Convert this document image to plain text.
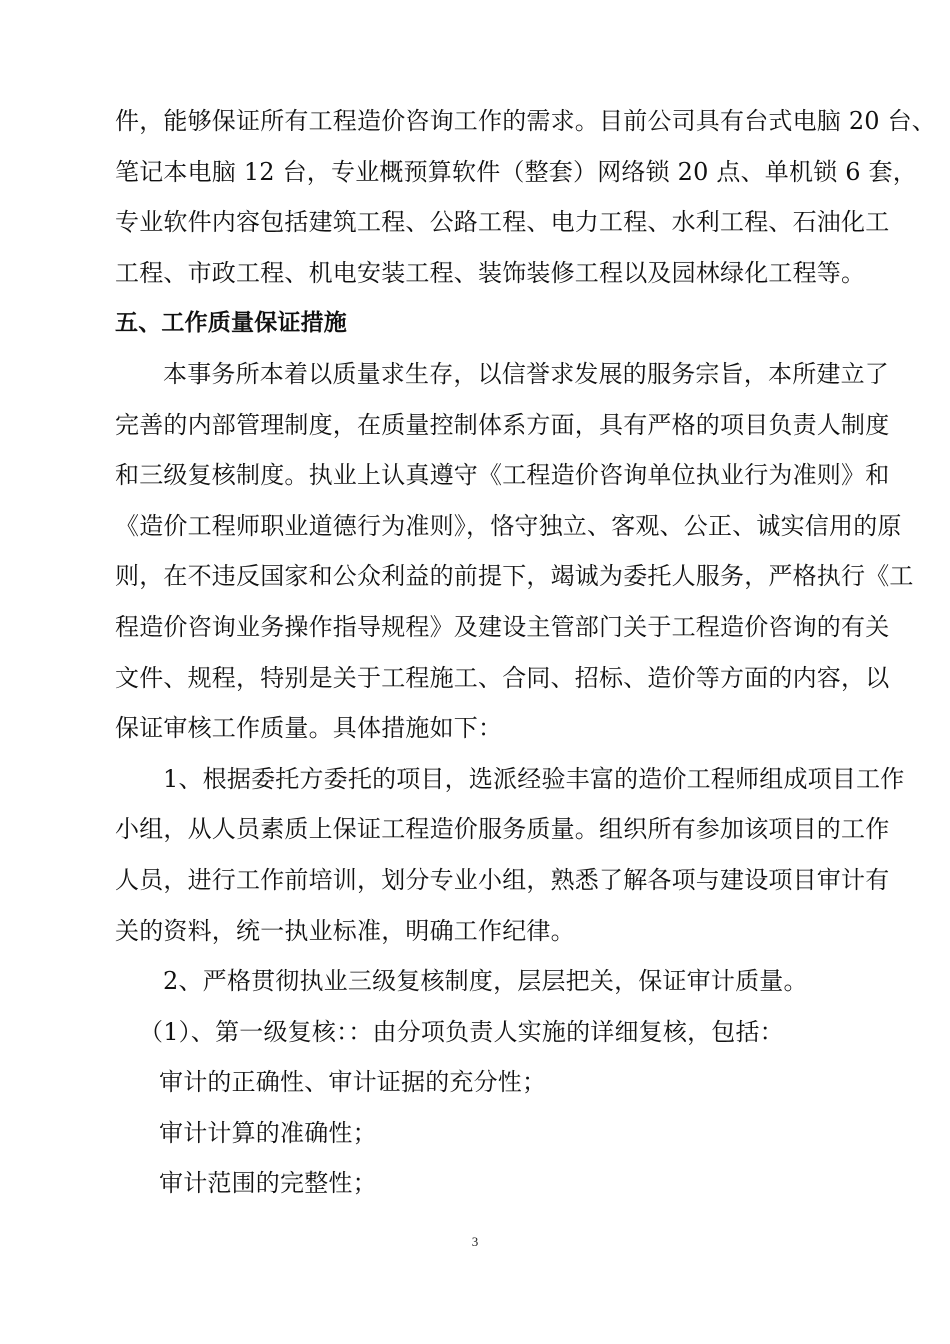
件，能够保证所有工程造价咨询工作的需求。目前公司具有台式电脑 20 台、
笔记本电脑 12 台，专业概预算软件（整套）网络锁 20 点、单机锁 6 套，
专业软件内容包括建筑工程、公路工程、电力工程、水利工程、石油化工
工程、市政工程、机电安装工程、装饰装修工程以及园林绿化工程等。
五、工作质量保证措施
本事务所本着以质量求生存，以信誉求发展的服务宗旨，本所建立了
完善的内部管理制度，在质量控制体系方面，具有严格的项目负责人制度
和三级复核制度。执业上认真遵守《工程造价咨询单位执业行为准则》和
《造价工程师职业道德行为准则》，恪守独立、客观、公正、诚实信用的原
则，在不违反国家和公众利益的前提下，竭诚为委托人服务，严格执行《工
程造价咨询业务操作指导规程》及建设主管部门关于工程造价咨询的有关
文件、规程，特别是关于工程施工、合同、招标、造价等方面的内容，以
保证审核工作质量。具体措施如下：
1、根据委托方委托的项目，选派经验丰富的造价工程师组成项目工作
小组，从人员素质上保证工程造价服务质量。组织所有参加该项目的工作
人员，进行工作前培训，划分专业小组，熟悉了解各项与建设项目审计有
关的资料，统一执业标准，明确工作纪律。
2、严格贯彻执业三级复核制度，层层把关，保证审计质量。
（1）、第一级复核：：由分项负责人实施的详细复核，包括：
审计的正确性、审计证据的充分性；
审计计算的准确性；
审计范围的完整性；
3
